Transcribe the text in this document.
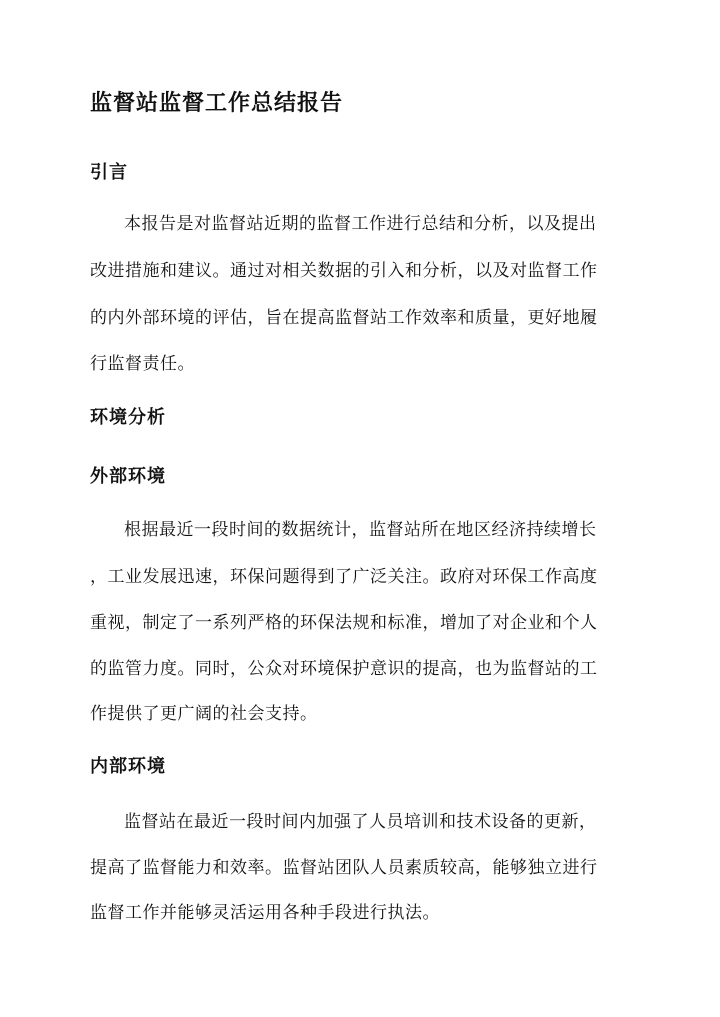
监督站监督工作总结报告
引言
本报告是对监督站近期的监督工作进行总结和分析，以及提出
改进措施和建议。通过对相关数据的引入和分析，以及对监督工作
的内外部环境的评估，旨在提高监督站工作效率和质量，更好地履
行监督责任。
环境分析
外部环境
根据最近一段时间的数据统计，监督站所在地区经济持续增长
，工业发展迅速，环保问题得到了广泛关注。政府对环保工作高度
重视，制定了一系列严格的环保法规和标准，增加了对企业和个人
的监管力度。同时，公众对环境保护意识的提高，也为监督站的工
作提供了更广阔的社会支持。
内部环境
监督站在最近一段时间内加强了人员培训和技术设备的更新，
提高了监督能力和效率。监督站团队人员素质较高，能够独立进行
监督工作并能够灵活运用各种手段进行执法。
